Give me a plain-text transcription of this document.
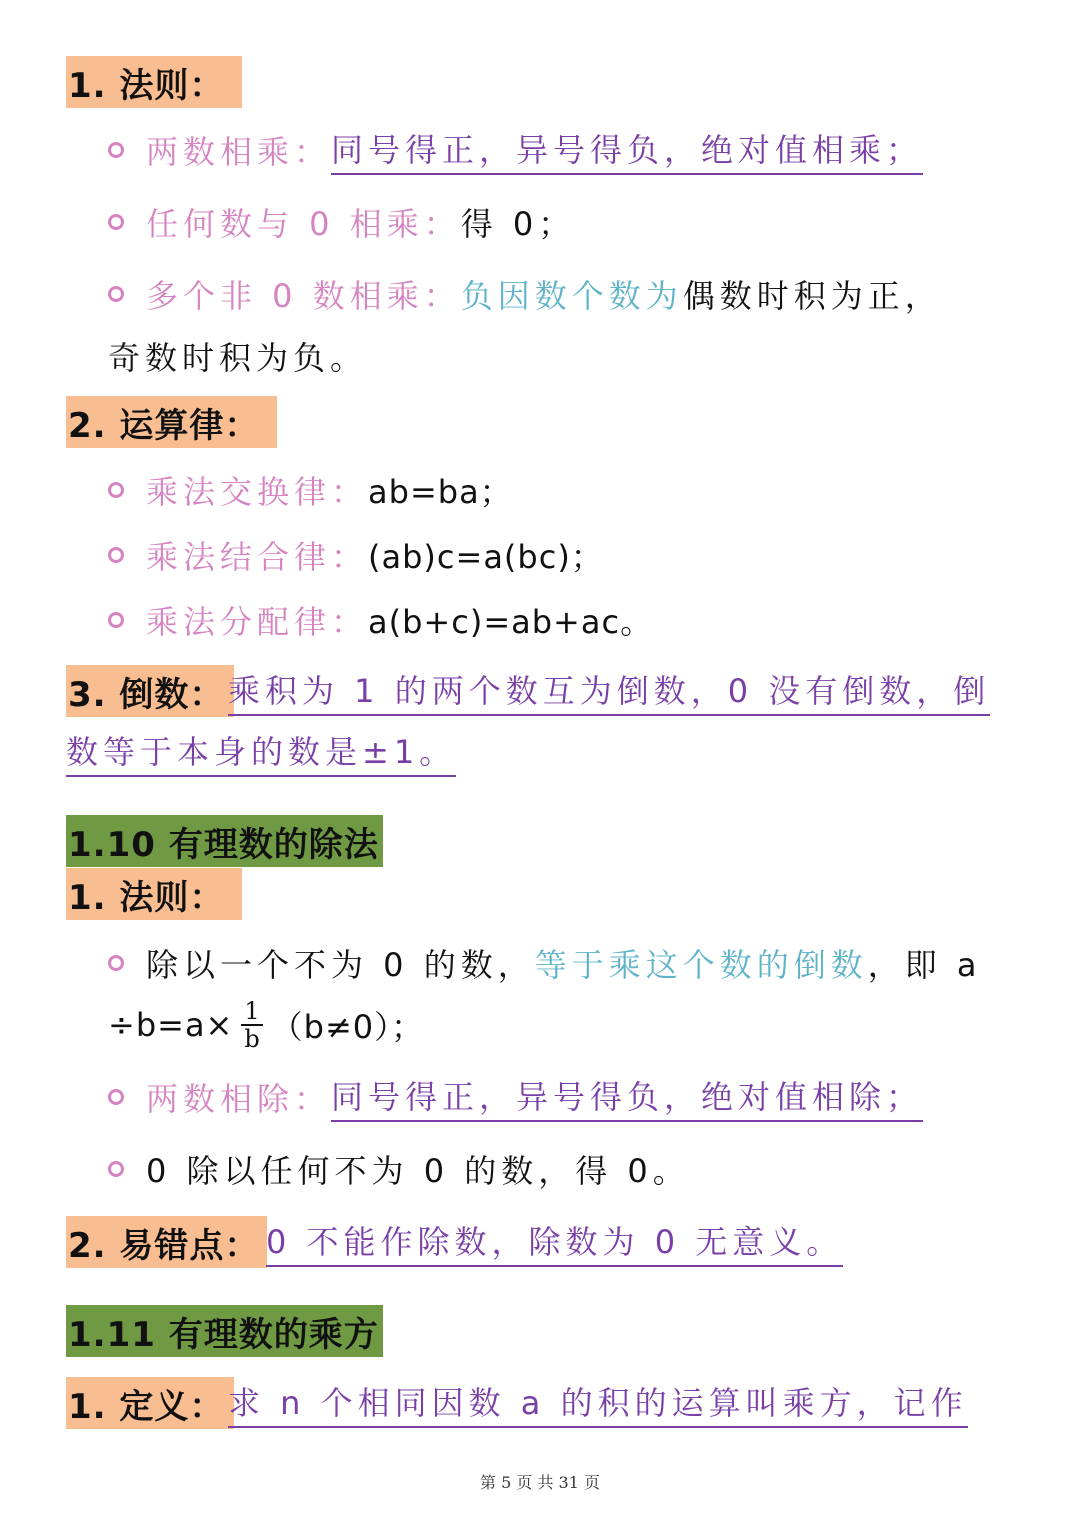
1. 法则：
两数相乘： 同号得正，异号得负，绝对值相乘；
任何数与 0 相乘： 得 0；
多个非 0 数相乘： 负因数个数为 偶数时积为正，
奇数时积为负。
2. 运算律：
乘法交换律： ab=ba；
乘法结合律： (ab)c=a(bc)；
乘法分配律： a(b+c)=ab+ac。
3. 倒数： 乘积为 1 的两个数互为倒数，0 没有倒数，倒
数等于本身的数是±1。
1.10 有理数的除法
1. 法则：
除以一个不为 0 的数， 等于乘这个数的倒数 ，即 a
$\div b=a\times \frac{1}{b} (b\ne 0)$；
两数相除： 同号得正，异号得负，绝对值相除；
0 除以任何不为 0 的数，得 0。
2. 易错点： 0 不能作除数，除数为 0 无意义。
1.11 有理数的乘方
1. 定义： 求 n 个相同因数 a 的积的运算叫乘方，记作
第 5 页 共 31 页
